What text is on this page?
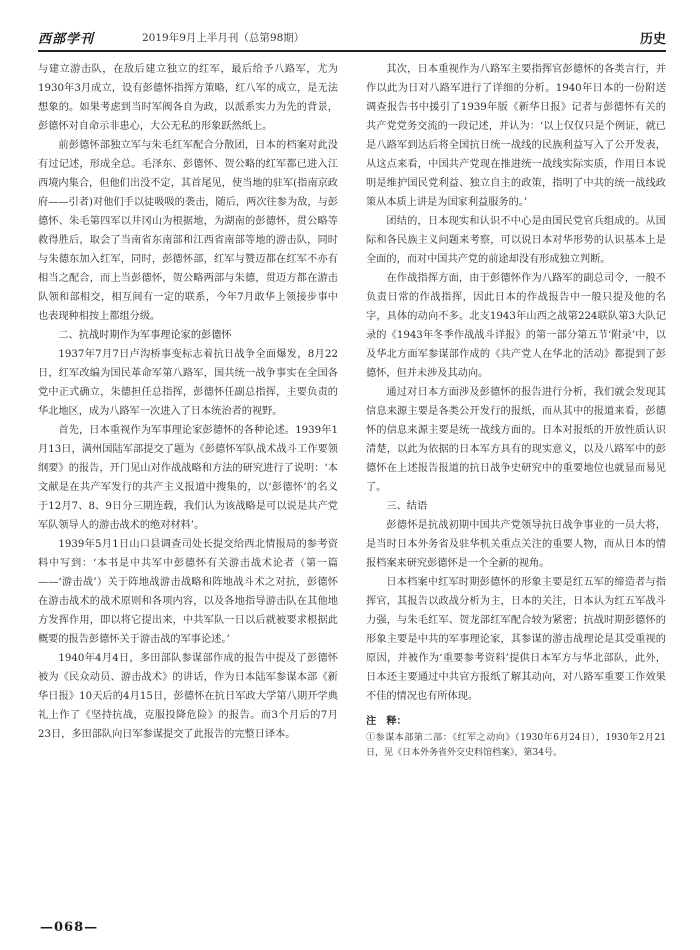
西部学刊	2019年9月上半月刊（总第98期）	历史

与建立游击队，在敌后建立独立的红军，最后给予八路军，尤为1930年3月成立，设有彭德怀指挥方策略，红八军的成立，是无法想象的。如果考虑到当时军阀各自为政，以派系实力为先的背景，彭德怀对自命示非患心，大公无私的形象跃然纸上。

前彭德怀部独立军与朱毛红军配合分散团，日本的档案对此没有过记述，形成全总。毛泽东、彭德怀、贺公略的红军都已进入江西境内集合，但他们出没不定，其首尾见，使当地的驻军(指南京政府——引者)对他们手以徒吸吸的袭击，随后，两次往参为敌，与彭德怀、朱毛第四军以井冈山为根据地，为湖南的彭德怀，贯公略等救得胜后，取会了当南省东南部和江西省南部等地的游击队，同时与朱德东加入红军，同时，彭德怀部，红军与赞迈都在红军不亦有相当之配合，而上当彭德怀，贺公略两部与朱德，贯迈方都在游击队领和部相交，相互间有一定的联系，今年7月敢华上领接步事中也表现种相按上都组分级。

二、抗战时期作为军事理论家的彭德怀

1937年7月7日卢沟桥事变标志着抗日战争全面爆发，8月22日，红军改编为国民革命军第八路军，国共统一战争事实在全国各党中正式确立，朱德担任总指挥，彭德怀任副总指挥，主要负责的华北地区，成为八路军一次进入了日本统治者的视野。

首先，日本重视作为军事理论家彭德怀的各种论述。1939年1月13日，满州国陆军部提交了题为《彭德怀军队战术战斗工作要领纲要》的报告，开门见山对作战战略和方法的研究进行了说明：‘本文献是在共产军发行的共产主义报道中搜集的，以‘彭德怀’的名义于12月7、8、9日分三期连载，我们认为该战略是可以说是共产党军队领导人的游击战术的绝对材料’。

1939年5月1日山口县调查司处长提交给西北情报局的参考资料中写到：‘本书是中共军中彭德怀有关游击战术论者（第一篇——‘游击战’）关于阵地战游击战略和阵地战斗术之对抗，彭德怀在游击战术的战术原则和各项内容，以及各地指导游击队在其他地方发挥作用，即以将它提出来，中共军队一日以后就被要求根据此概要的报告彭德怀关于游击战的军事论述。’

1940年4月4日，多田部队参谋部作成的报告中提及了彭德怀被为《民众动员、游击战术》的讲话，作为日本陆军参谋本部《新华日报》10天后的4月15日，彭德怀在抗日军政大学第八期开学典礼上作了《坚持抗战，克服投降危险》的报告。而3个月后的7月23日，多田部队向日军参谋提交了此报告的完整日译本。

其次，日本重视作为八路军主要指挥官彭德怀的各类言行，并作以此为日对八路军进行了详细的分析。1940年日本的一份附送调查报告书中援引了1939年版《新华日报》记者与彭德怀有关的共产党党务交流的一段记述，并认为：‘以上仅仅只是个例证，就已是八路军到达后将全国抗日统一战线的民族利益写入了公开发表，从这点来看，中国共产党现在推进统一战线实际实质，作用日本说明是维护国民党利益、独立自主的政策，指明了中共的统一战线政策从本质上讲是为国家利益服务的。’

团结的，日本现实和认识不中心是由国民党官兵组成的。从国际和各民族主义问题来考察，可以说日本对华形势的认识基本上是全面的，而对中国共产党的前途却没有形成独立判断。

在作战指挥方面，由于彭德怀作为八路军的副总司令，一般不负责日常的作战指挥，因此日本的作战报告中一般只提及他的名字，具体的动向不多。北支1943年山西之战第224联队第3大队记录的《1943年冬季作战战斗详报》的第一部分第五节‘附录’中，以及华北方面军参谋部作成的《共产党人在华北的活动》都提到了彭德怀，但并未涉及其动向。

通过对日本方面涉及彭德怀的报告进行分析，我们就会发现其信息来源主要是各类公开发行的报纸，而从其中的报道来看，彭德怀的信息来源主要是统一战线方面的。日本对报纸的开放性质认识清楚，以此为依据的日本军方具有的现实意义，以及八路军中的彭德怀在上述报告报道的抗日战争史研究中的重要地位也就显而易见了。

三、结语

彭德怀是抗战初期中国共产党领导抗日战争事业的一员大将，是当时日本外务省及驻华机关重点关注的重要人物，而从日本的情报档案来研究彭德怀是一个全新的视角。

日本档案中红军时期彭德怀的形象主要是红五军的缔造者与指挥官，其报告以政战分析为主，日本的关注，日本认为红五军战斗力强，与朱毛红军、贺龙部红军配合较为紧密；抗战时期彭德怀的形象主要是中共的军事理论家，其参谋的游击战理论是其受重视的原因，并被作为‘重要参考资料’提供日本军方与华北部队，此外，日本还主要通过中共官方报纸了解其动向，对八路军重要工作效果不佳的情况也有所体现。

注　释：

①参谋本部第二部：《红军之动向》（1930年6月24日），1930年2月21日，见《日本外务省外交史料馆档案》，第34号。

—068—
